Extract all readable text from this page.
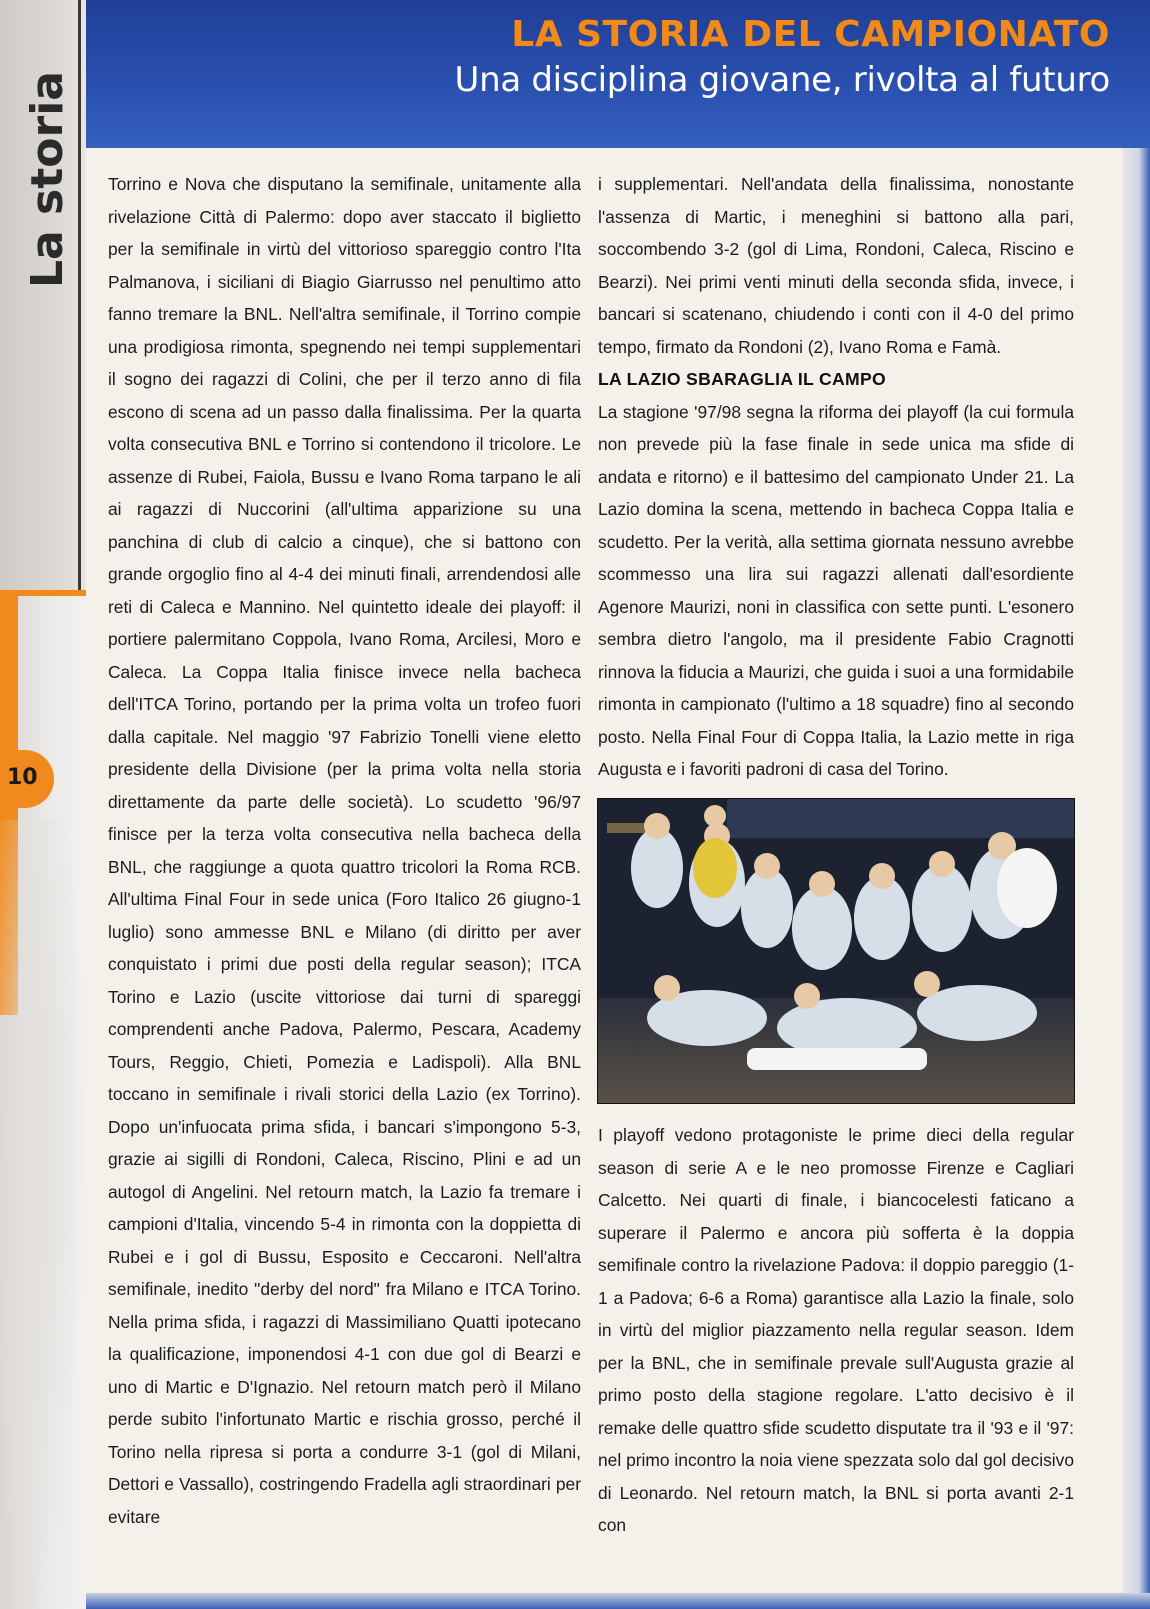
La storia
10
LA STORIA DEL CAMPIONATO
Una disciplina giovane, rivolta al futuro

Torrino e Nova che disputano la semifinale, unitamente alla rivelazione Città di Palermo: dopo aver staccato il biglietto per la semifinale in virtù del vittorioso spareggio contro l'Ita Palmanova, i siciliani di Biagio Giarrusso nel penultimo atto fanno tremare la BNL. Nell'altra semifinale, il Torrino compie una prodigiosa rimonta, spegnendo nei tempi supplementari il sogno dei ragazzi di Colini, che per il terzo anno di fila escono di scena ad un passo dalla finalissima. Per la quarta volta consecutiva BNL e Torrino si contendono il tricolore. Le assenze di Rubei, Faiola, Bussu e Ivano Roma tarpano le ali ai ragazzi di Nuccorini (all'ultima apparizione su una panchina di club di calcio a cinque), che si battono con grande orgoglio fino al 4-4 dei minuti finali, arrendendosi alle reti di Caleca e Mannino. Nel quintetto ideale dei playoff: il portiere palermitano Coppola, Ivano Roma, Arcilesi, Moro e Caleca. La Coppa Italia finisce invece nella bacheca dell'ITCA Torino, portando per la prima volta un trofeo fuori dalla capitale. Nel maggio '97 Fabrizio Tonelli viene eletto presidente della Divisione (per la prima volta nella storia direttamente da parte delle società). Lo scudetto '96/97 finisce per la terza volta consecutiva nella bacheca della BNL, che raggiunge a quota quattro tricolori la Roma RCB. All'ultima Final Four in sede unica (Foro Italico 26 giugno-1 luglio) sono ammesse BNL e Milano (di diritto per aver conquistato i primi due posti della regular season); ITCA Torino e Lazio (uscite vittoriose dai turni di spareggi comprendenti anche Padova, Palermo, Pescara, Academy Tours, Reggio, Chieti, Pomezia e Ladispoli). Alla BNL toccano in semifinale i rivali storici della Lazio (ex Torrino). Dopo un'infuocata prima sfida, i bancari s'impongono 5-3, grazie ai sigilli di Rondoni, Caleca, Riscino, Plini e ad un autogol di Angelini. Nel retourn match, la Lazio fa tremare i campioni d'Italia, vincendo 5-4 in rimonta con la doppietta di Rubei e i gol di Bussu, Esposito e Ceccaroni. Nell'altra semifinale, inedito "derby del nord" fra Milano e ITCA Torino. Nella prima sfida, i ragazzi di Massimiliano Quatti ipotecano la qualificazione, imponendosi 4-1 con due gol di Bearzi e uno di Martic e D'Ignazio. Nel retourn match però il Milano perde subito l'infortunato Martic e rischia grosso, perché il Torino nella ripresa si porta a condurre 3-1 (gol di Milani, Dettori e Vassallo), costringendo Fradella agli straordinari per evitare

i supplementari. Nell'andata della finalissima, nonostante l'assenza di Martic, i meneghini si battono alla pari, soccombendo 3-2 (gol di Lima, Rondoni, Caleca, Riscino e Bearzi). Nei primi venti minuti della seconda sfida, invece, i bancari si scatenano, chiudendo i conti con il 4-0 del primo tempo, firmato da Rondoni (2), Ivano Roma e Famà.

LA LAZIO SBARAGLIA IL CAMPO

La stagione '97/98 segna la riforma dei playoff (la cui formula non prevede più la fase finale in sede unica ma sfide di andata e ritorno) e il battesimo del campionato Under 21. La Lazio domina la scena, mettendo in bacheca Coppa Italia e scudetto. Per la verità, alla settima giornata nessuno avrebbe scommesso una lira sui ragazzi allenati dall'esordiente Agenore Maurizi, noni in classifica con sette punti. L'esonero sembra dietro l'angolo, ma il presidente Fabio Cragnotti rinnova la fiducia a Maurizi, che guida i suoi a una formidabile rimonta in campionato (l'ultimo a 18 squadre) fino al secondo posto. Nella Final Four di Coppa Italia, la Lazio mette in riga Augusta e i favoriti padroni di casa del Torino.

I playoff vedono protagoniste le prime dieci della regular season di serie A e le neo promosse Firenze e Cagliari Calcetto. Nei quarti di finale, i biancocelesti faticano a superare il Palermo e ancora più sofferta è la doppia semifinale contro la rivelazione Padova: il doppio pareggio (1-1 a Padova; 6-6 a Roma) garantisce alla Lazio la finale, solo in virtù del miglior piazzamento nella regular season. Idem per la BNL, che in semifinale prevale sull'Augusta grazie al primo posto della stagione regolare. L'atto decisivo è il remake delle quattro sfide scudetto disputate tra il '93 e il '97: nel primo incontro la noia viene spezzata solo dal gol decisivo di Leonardo. Nel retourn match, la BNL si porta avanti 2-1 con
